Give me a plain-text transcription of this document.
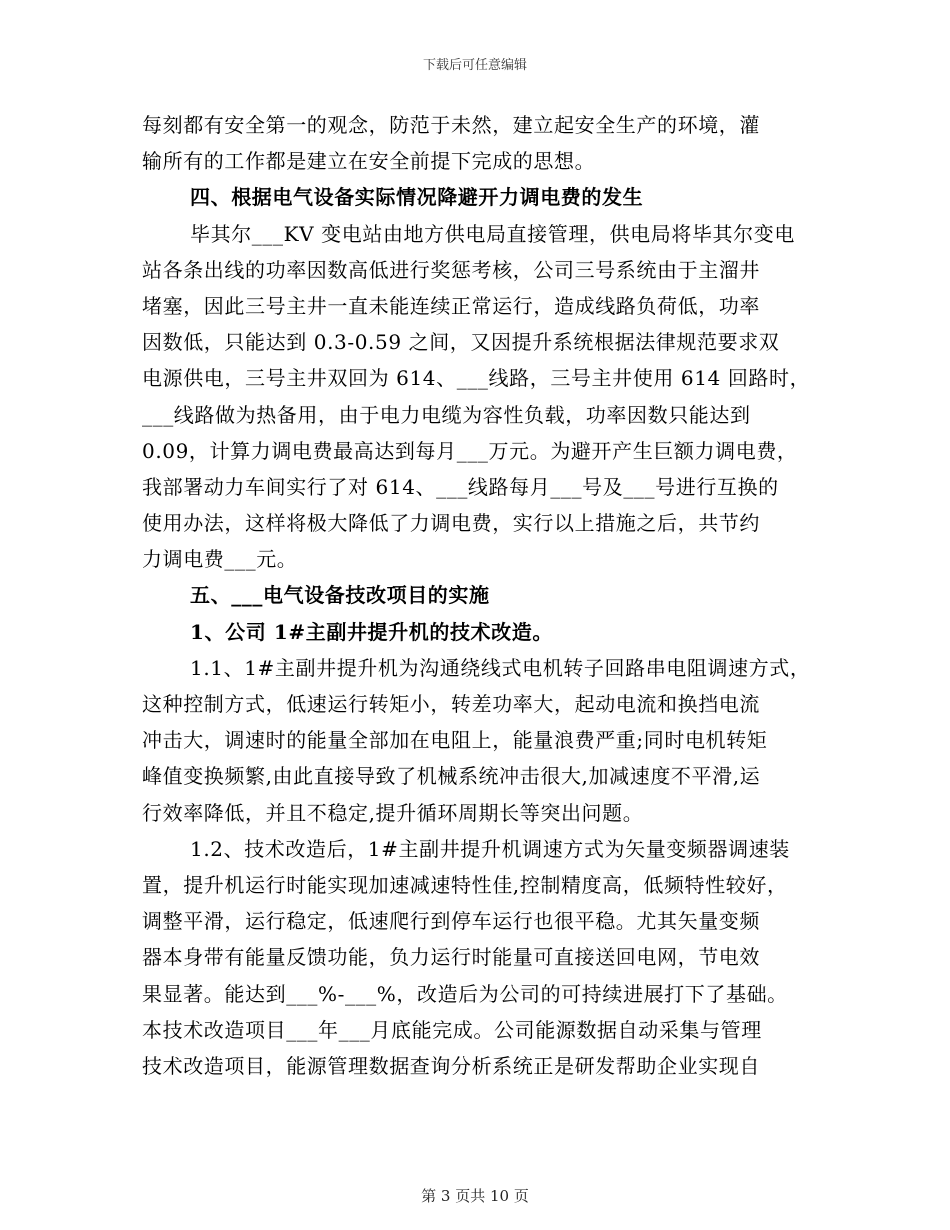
下载后可任意编辑
每刻都有安全第一的观念，防范于未然，建立起安全生产的环境，灌
输所有的工作都是建立在安全前提下完成的思想。
四、根据电气设备实际情况降避开力调电费的发生
毕其尔___KV 变电站由地方供电局直接管理，供电局将毕其尔变电
站各条出线的功率因数高低进行奖惩考核，公司三号系统由于主溜井
堵塞，因此三号主井一直未能连续正常运行，造成线路负荷低，功率
因数低，只能达到 0.3-0.59 之间，又因提升系统根据法律规范要求双
电源供电，三号主井双回为 614、___线路，三号主井使用 614 回路时，
___线路做为热备用，由于电力电缆为容性负载，功率因数只能达到
0.09，计算力调电费最高达到每月___万元。为避开产生巨额力调电费，
我部署动力车间实行了对 614、___线路每月___号及___号进行互换的
使用办法，这样将极大降低了力调电费，实行以上措施之后，共节约
力调电费___元。
五、___电气设备技改项目的实施
1、公司 1#主副井提升机的技术改造。
1.1、1#主副井提升机为沟通绕线式电机转子回路串电阻调速方式，
这种控制方式，低速运行转矩小，转差功率大，起动电流和换挡电流
冲击大，调速时的能量全部加在电阻上，能量浪费严重;同时电机转矩
峰值变换频繁,由此直接导致了机械系统冲击很大,加减速度不平滑,运
行效率降低，并且不稳定,提升循环周期长等突出问题。
1.2、技术改造后，1#主副井提升机调速方式为矢量变频器调速装
置，提升机运行时能实现加速减速特性佳,控制精度高，低频特性较好，
调整平滑，运行稳定，低速爬行到停车运行也很平稳。尤其矢量变频
器本身带有能量反馈功能，负力运行时能量可直接送回电网，节电效
果显著。能达到___%-___%，改造后为公司的可持续进展打下了基础。
本技术改造项目___年___月底能完成。公司能源数据自动采集与管理
技术改造项目，能源管理数据查询分析系统正是研发帮助企业实现自
第 3 页共 10 页
